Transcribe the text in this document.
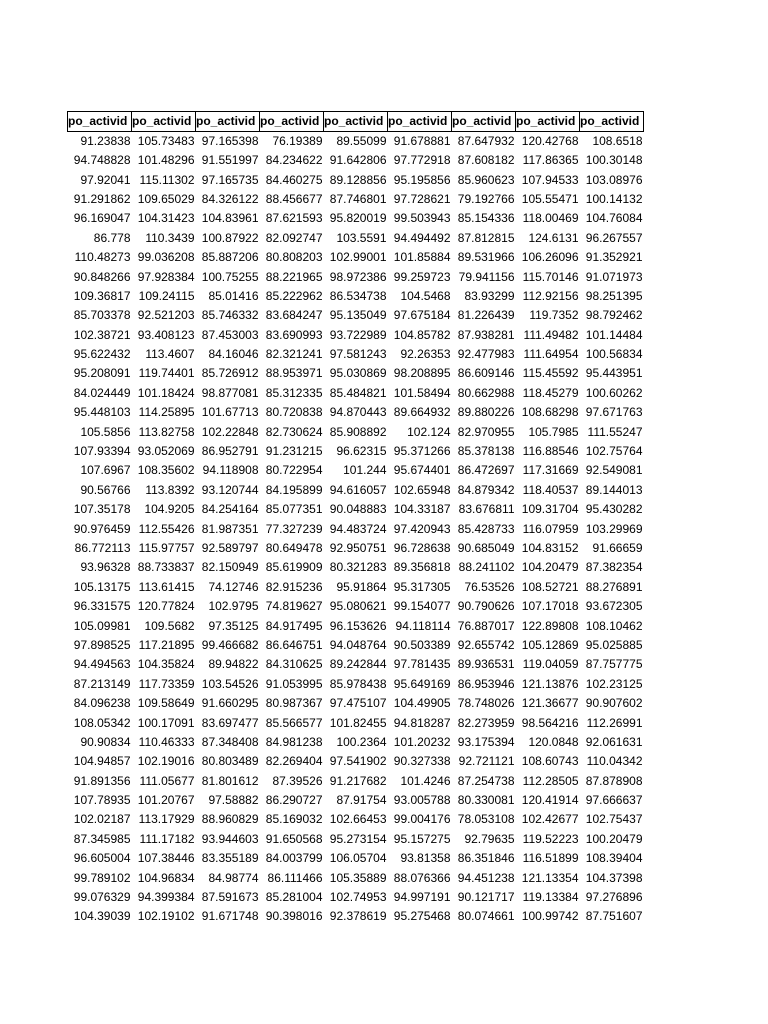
po_activid	po_activid	po_activid	po_activid	po_activid	po_activid	po_activid	po_activid	po_activid
91.23838	105.73483	97.165398	76.19389	89.55099	91.678881	87.647932	120.42768	108.6518
94.748828	101.48296	91.551997	84.234622	91.642806	97.772918	87.608182	117.86365	100.30148
97.92041	115.11302	97.165735	84.460275	89.128856	95.195856	85.960623	107.94533	103.08976
91.291862	109.65029	84.326122	88.456677	87.746801	97.728621	79.192766	105.55471	100.14132
96.169047	104.31423	104.83961	87.621593	95.820019	99.503943	85.154336	118.00469	104.76084
86.778	110.3439	100.87922	82.092747	103.5591	94.494492	87.812815	124.6131	96.267557
110.48273	99.036208	85.887206	80.808203	102.99001	101.85884	89.531966	106.26096	91.352921
90.848266	97.928384	100.75255	88.221965	98.972386	99.259723	79.941156	115.70146	91.071973
109.36817	109.24115	85.01416	85.222962	86.534738	104.5468	83.93299	112.92156	98.251395
85.703378	92.521203	85.746332	83.684247	95.135049	97.675184	81.226439	119.7352	98.792462
102.38721	93.408123	87.453003	83.690993	93.722989	104.85782	87.938281	111.49482	101.14484
95.622432	113.4607	84.16046	82.321241	97.581243	92.26353	92.477983	111.64954	100.56834
95.208091	119.74401	85.726912	88.953971	95.030869	98.208895	86.609146	115.45592	95.443951
84.024449	101.18424	98.877081	85.312335	85.484821	101.58494	80.662988	118.45279	100.60262
95.448103	114.25895	101.67713	80.720838	94.870443	89.664932	89.880226	108.68298	97.671763
105.5856	113.82758	102.22848	82.730624	85.908892	102.124	82.970955	105.7985	111.55247
107.93394	93.052069	86.952791	91.231215	96.62315	95.371266	85.378138	116.88546	102.75764
107.6967	108.35602	94.118908	80.722954	101.244	95.674401	86.472697	117.31669	92.549081
90.56766	113.8392	93.120744	84.195899	94.616057	102.65948	84.879342	118.40537	89.144013
107.35178	104.9205	84.254164	85.077351	90.048883	104.33187	83.676811	109.31704	95.430282
90.976459	112.55426	81.987351	77.327239	94.483724	97.420943	85.428733	116.07959	103.29969
86.772113	115.97757	92.589797	80.649478	92.950751	96.728638	90.685049	104.83152	91.66659
93.96328	88.733837	82.150949	85.619909	80.321283	89.356818	88.241102	104.20479	87.382354
105.13175	113.61415	74.12746	82.915236	95.91864	95.317305	76.53526	108.52721	88.276891
96.331575	120.77824	102.9795	74.819627	95.080621	99.154077	90.790626	107.17018	93.672305
105.09981	109.5682	97.35125	84.917495	96.153626	94.118114	76.887017	122.89808	108.10462
97.898525	117.21895	99.466682	86.646751	94.048764	90.503389	92.655742	105.12869	95.025885
94.494563	104.35824	89.94822	84.310625	89.242844	97.781435	89.936531	119.04059	87.757775
87.213149	117.73359	103.54526	91.053995	85.978438	95.649169	86.953946	121.13876	102.23125
84.096238	109.58649	91.660295	80.987367	97.475107	104.49905	78.748026	121.36677	90.907602
108.05342	100.17091	83.697477	85.566577	101.82455	94.818287	82.273959	98.564216	112.26991
90.90834	110.46333	87.348408	84.981238	100.2364	101.20232	93.175394	120.0848	92.061631
104.94857	102.19016	80.803489	82.269404	97.541902	90.327338	92.721121	108.60743	110.04342
91.891356	111.05677	81.801612	87.39526	91.217682	101.4246	87.254738	112.28505	87.878908
107.78935	101.20767	97.58882	86.290727	87.91754	93.005788	80.330081	120.41914	97.666637
102.02187	113.17929	88.960829	85.169032	102.66453	99.004176	78.053108	102.42677	102.75437
87.345985	111.17182	93.944603	91.650568	95.273154	95.157275	92.79635	119.52223	100.20479
96.605004	107.38446	83.355189	84.003799	106.05704	93.81358	86.351846	116.51899	108.39404
99.789102	104.96834	84.98774	86.111466	105.35889	88.076366	94.451238	121.13354	104.37398
99.076329	94.399384	87.591673	85.281004	102.74953	94.997191	90.121717	119.13384	97.276896
104.39039	102.19102	91.671748	90.398016	92.378619	95.275468	80.074661	100.99742	87.751607
